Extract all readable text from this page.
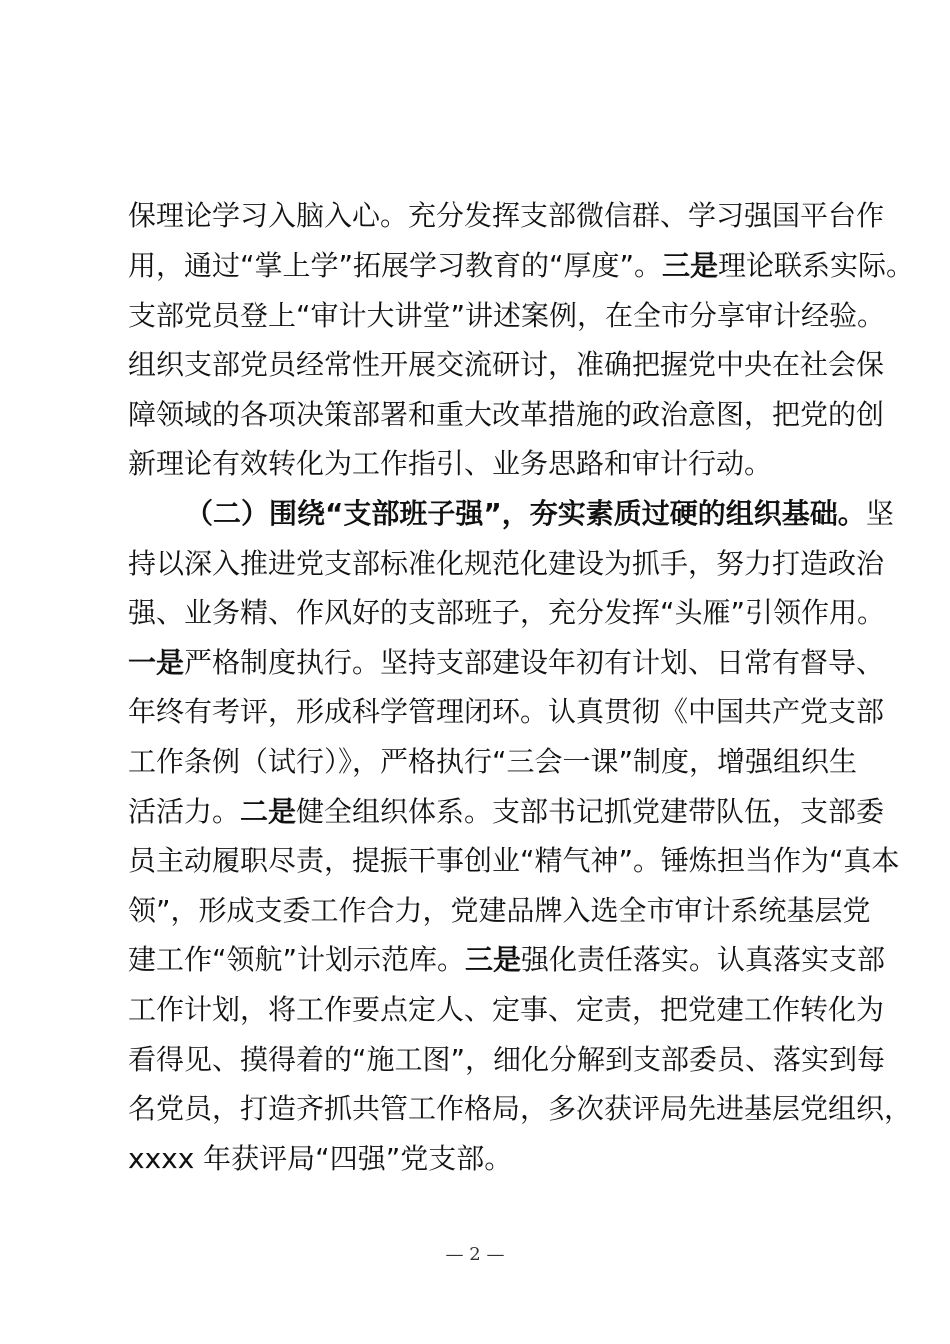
保理论学习入脑入心。充分发挥支部微信群、学习强国平台作
用，通过“掌上学”拓展学习教育的“厚度”。三是理论联系实际。
支部党员登上“审计大讲堂”讲述案例，在全市分享审计经验。
组织支部党员经常性开展交流研讨，准确把握党中央在社会保
障领域的各项决策部署和重大改革措施的政治意图，把党的创
新理论有效转化为工作指引、业务思路和审计行动。
（二）围绕“支部班子强”，夯实素质过硬的组织基础。坚
持以深入推进党支部标准化规范化建设为抓手，努力打造政治
强、业务精、作风好的支部班子，充分发挥“头雁”引领作用。
一是严格制度执行。坚持支部建设年初有计划、日常有督导、
年终有考评，形成科学管理闭环。认真贯彻《中国共产党支部
工作条例（试行）》，严格执行“三会一课”制度，增强组织生
活活力。二是健全组织体系。支部书记抓党建带队伍，支部委
员主动履职尽责，提振干事创业“精气神”。锤炼担当作为“真本
领”，形成支委工作合力，党建品牌入选全市审计系统基层党
建工作“领航”计划示范库。三是强化责任落实。认真落实支部
工作计划，将工作要点定人、定事、定责，把党建工作转化为
看得见、摸得着的“施工图”，细化分解到支部委员、落实到每
名党员，打造齐抓共管工作格局，多次获评局先进基层党组织，
xxxx 年获评局“四强”党支部。
— 2 —
